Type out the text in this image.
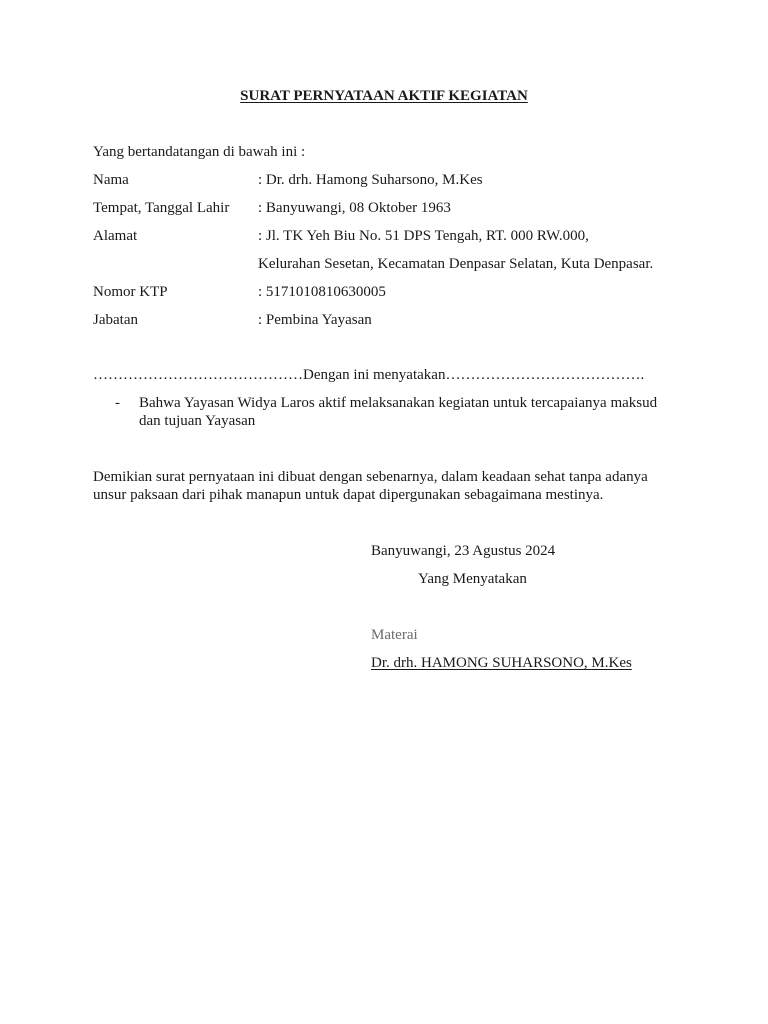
SURAT PERNYATAAN AKTIF KEGIATAN
Yang bertandatangan di bawah ini :
Nama	: Dr. drh. Hamong Suharsono, M.Kes
Tempat, Tanggal Lahir : Banyuwangi, 08 Oktober 1963
Alamat	: Jl. TK Yeh Biu No. 51 DPS Tengah, RT. 000 RW.000,
Kelurahan Sesetan, Kecamatan Denpasar Selatan, Kuta Denpasar.
Nomor KTP	: 5171010810630005
Jabatan	: Pembina Yayasan
……………………………………Dengan ini menyatakan………………………………….
- Bahwa Yayasan Widya Laros aktif melaksanakan kegiatan untuk tercapaianya maksud dan tujuan Yayasan
Demikian surat pernyataan ini dibuat dengan sebenarnya, dalam keadaan sehat tanpa adanya unsur paksaan dari pihak manapun untuk dapat dipergunakan sebagaimana mestinya.
Banyuwangi, 23 Agustus 2024
Yang Menyatakan
Materai
Dr. drh. HAMONG SUHARSONO, M.Kes
